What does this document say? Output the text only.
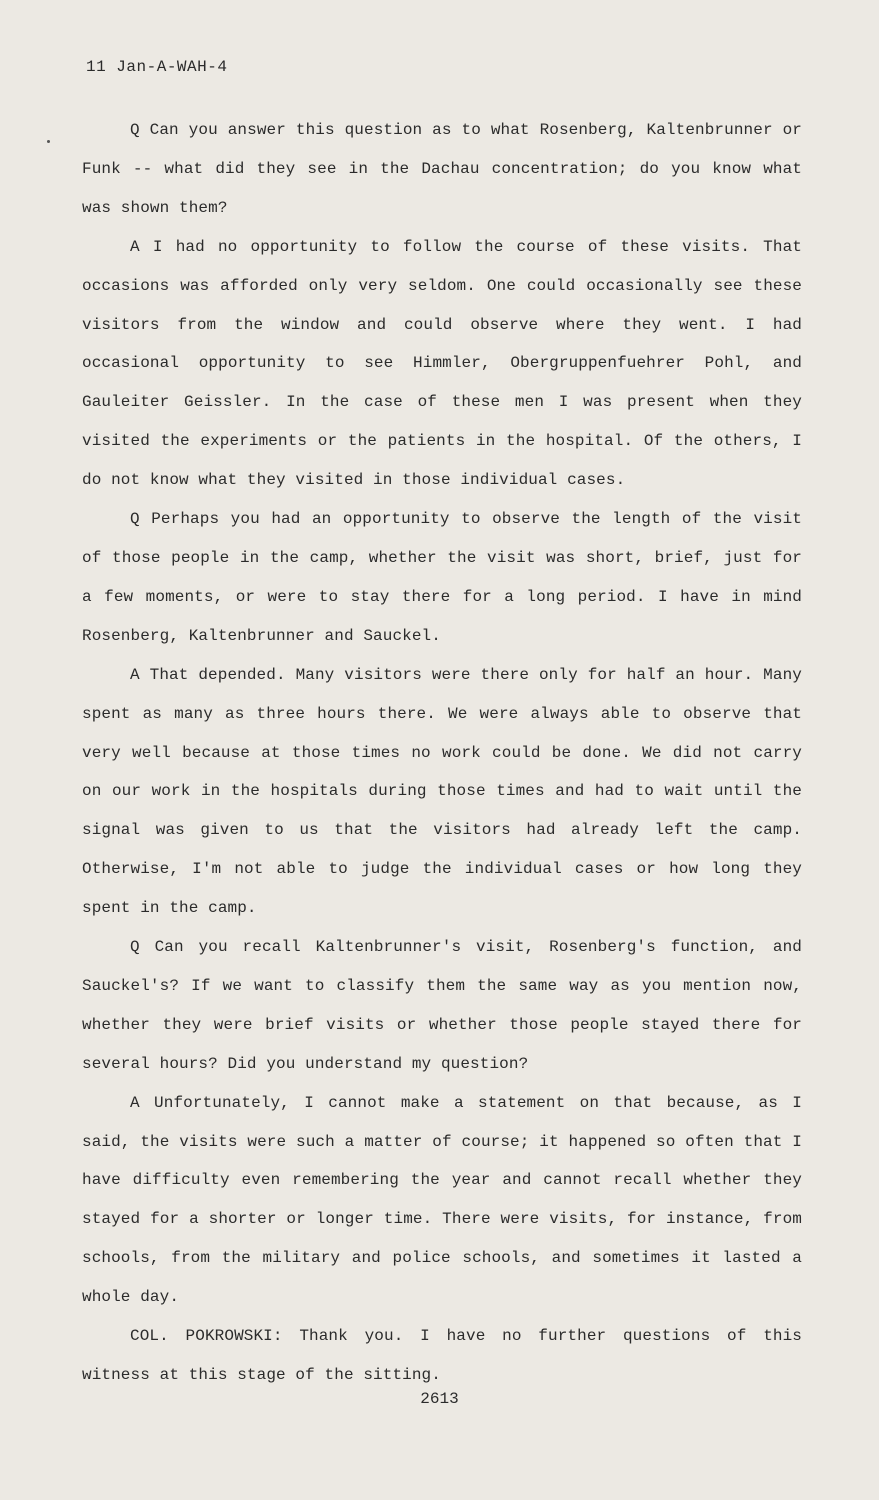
11 Jan-A-WAH-4

Q Can you answer this question as to what Rosenberg, Kaltenbrunner or Funk -- what did they see in the Dachau concentration; do you know what was shown them?

A I had no opportunity to follow the course of these visits. That occasions was afforded only very seldom. One could occasionally see these visitors from the window and could observe where they went. I had occasional opportunity to see Himmler, Obergruppenfuehrer Pohl, and Gauleiter Geissler. In the case of these men I was present when they visited the experiments or the patients in the hospital. Of the others, I do not know what they visited in those individual cases.

Q Perhaps you had an opportunity to observe the length of the visit of those people in the camp, whether the visit was short, brief, just for a few moments, or were to stay there for a long period. I have in mind Rosenberg, Kaltenbrunner and Sauckel.

A That depended. Many visitors were there only for half an hour. Many spent as many as three hours there. We were always able to observe that very well because at those times no work could be done. We did not carry on our work in the hospitals during those times and had to wait until the signal was given to us that the visitors had already left the camp. Otherwise, I'm not able to judge the individual cases or how long they spent in the camp.

Q Can you recall Kaltenbrunner's visit, Rosenberg's function, and Sauckel's? If we want to classify them the same way as you mention now, whether they were brief visits or whether those people stayed there for several hours? Did you understand my question?

A Unfortunately, I cannot make a statement on that because, as I said, the visits were such a matter of course; it happened so often that I have difficulty even remembering the year and cannot recall whether they stayed for a shorter or longer time. There were visits, for instance, from schools, from the military and police schools, and sometimes it lasted a whole day.

COL. POKROWSKI: Thank you. I have no further questions of this witness at this stage of the sitting.

2613
